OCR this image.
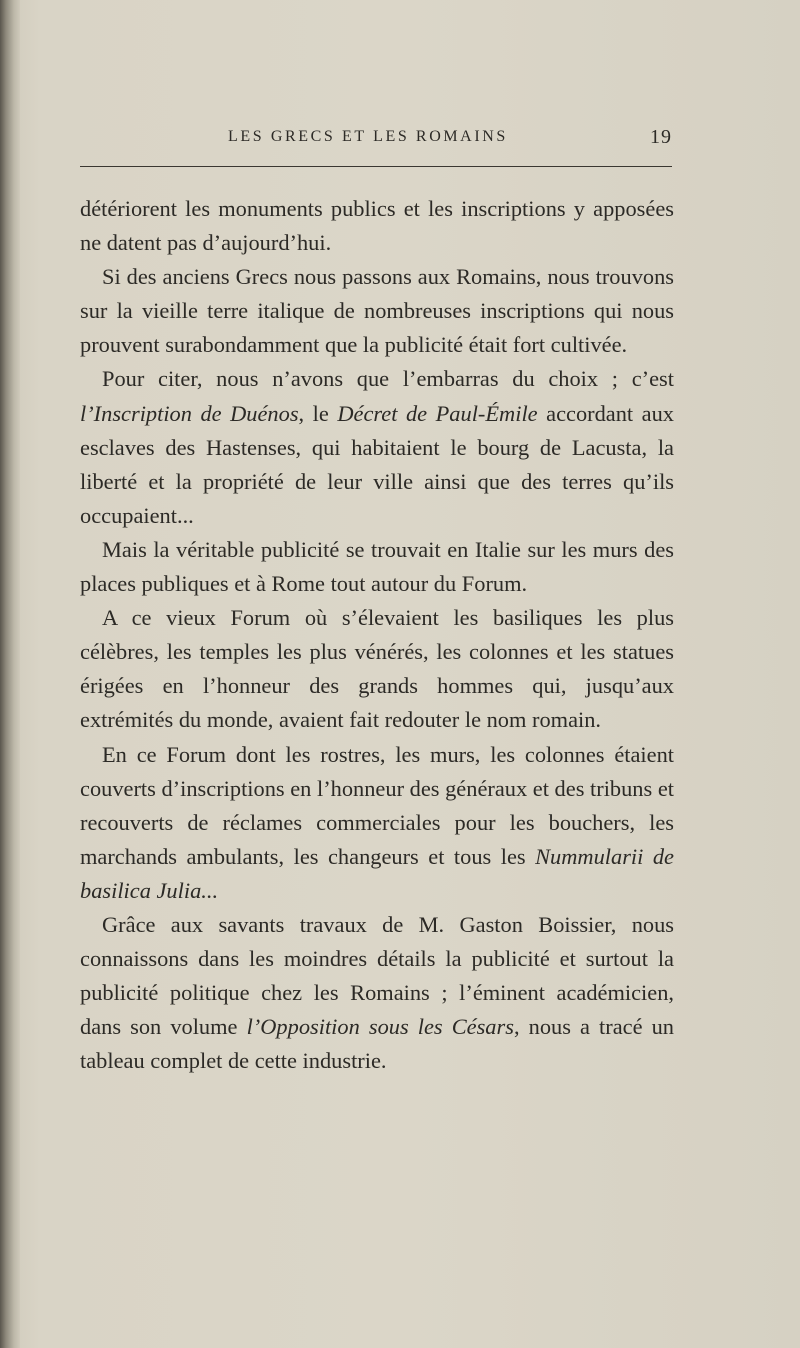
LES GRECS ET LES ROMAINS	19

détériorent les monuments publics et les inscriptions y apposées ne datent pas d’aujourd’hui.

Si des anciens Grecs nous passons aux Romains, nous trouvons sur la vieille terre italique de nombreuses inscriptions qui nous prouvent surabondamment que la publicité était fort cultivée.

Pour citer, nous n’avons que l’embarras du choix ; c’est l’Inscription de Duénos, le Décret de Paul-Émile accordant aux esclaves des Hastenses, qui habitaient le bourg de Lacusta, la liberté et la propriété de leur ville ainsi que des terres qu’ils occupaient...

Mais la véritable publicité se trouvait en Italie sur les murs des places publiques et à Rome tout autour du Forum.

A ce vieux Forum où s’élevaient les basiliques les plus célèbres, les temples les plus vénérés, les colonnes et les statues érigées en l’honneur des grands hommes qui, jusqu’aux extrémités du monde, avaient fait redouter le nom romain.

En ce Forum dont les rostres, les murs, les colonnes étaient couverts d’inscriptions en l’honneur des généraux et des tribuns et recouverts de réclames commerciales pour les bouchers, les marchands ambulants, les changeurs et tous les Nummularii de basilica Julia...

Grâce aux savants travaux de M. Gaston Boissier, nous connaissons dans les moindres détails la publicité et surtout la publicité politique chez les Romains ; l’éminent académicien, dans son volume l’Opposition sous les Césars, nous a tracé un tableau complet de cette industrie.
